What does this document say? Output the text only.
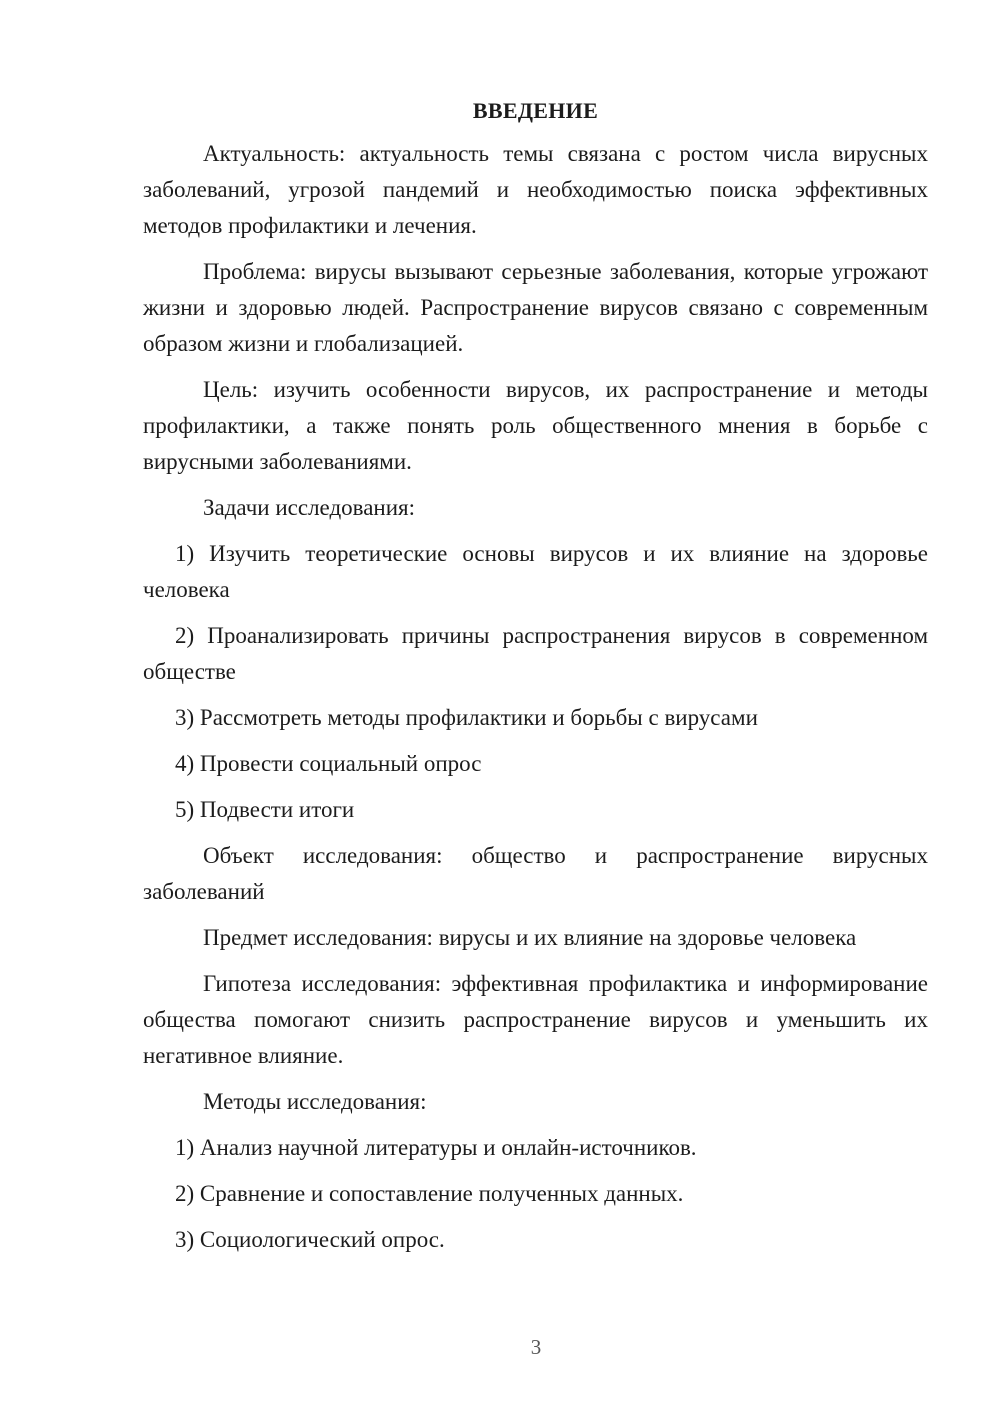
ВВЕДЕНИЕ

Актуальность: актуальность темы связана с ростом числа вирусных заболеваний, угрозой пандемий и необходимостью поиска эффективных методов профилактики и лечения.

Проблема: вирусы вызывают серьезные заболевания, которые угрожают жизни и здоровью людей. Распространение вирусов связано с современным образом жизни и глобализацией.

Цель: изучить особенности вирусов, их распространение и методы профилактики, а также понять роль общественного мнения в борьбе с вирусными заболеваниями.

Задачи исследования:

1) Изучить теоретические основы вирусов и их влияние на здоровье человека

2) Проанализировать причины распространения вирусов в современном обществе

3) Рассмотреть методы профилактики и борьбы с вирусами

4) Провести социальный опрос

5) Подвести итоги

Объект исследования: общество и распространение вирусных заболеваний

Предмет исследования: вирусы и их влияние на здоровье человека

Гипотеза исследования: эффективная профилактика и информирование общества помогают снизить распространение вирусов и уменьшить их негативное влияние.

Методы исследования:

1) Анализ научной литературы и онлайн-источников.

2) Сравнение и сопоставление полученных данных.

3) Социологический опрос.

3
